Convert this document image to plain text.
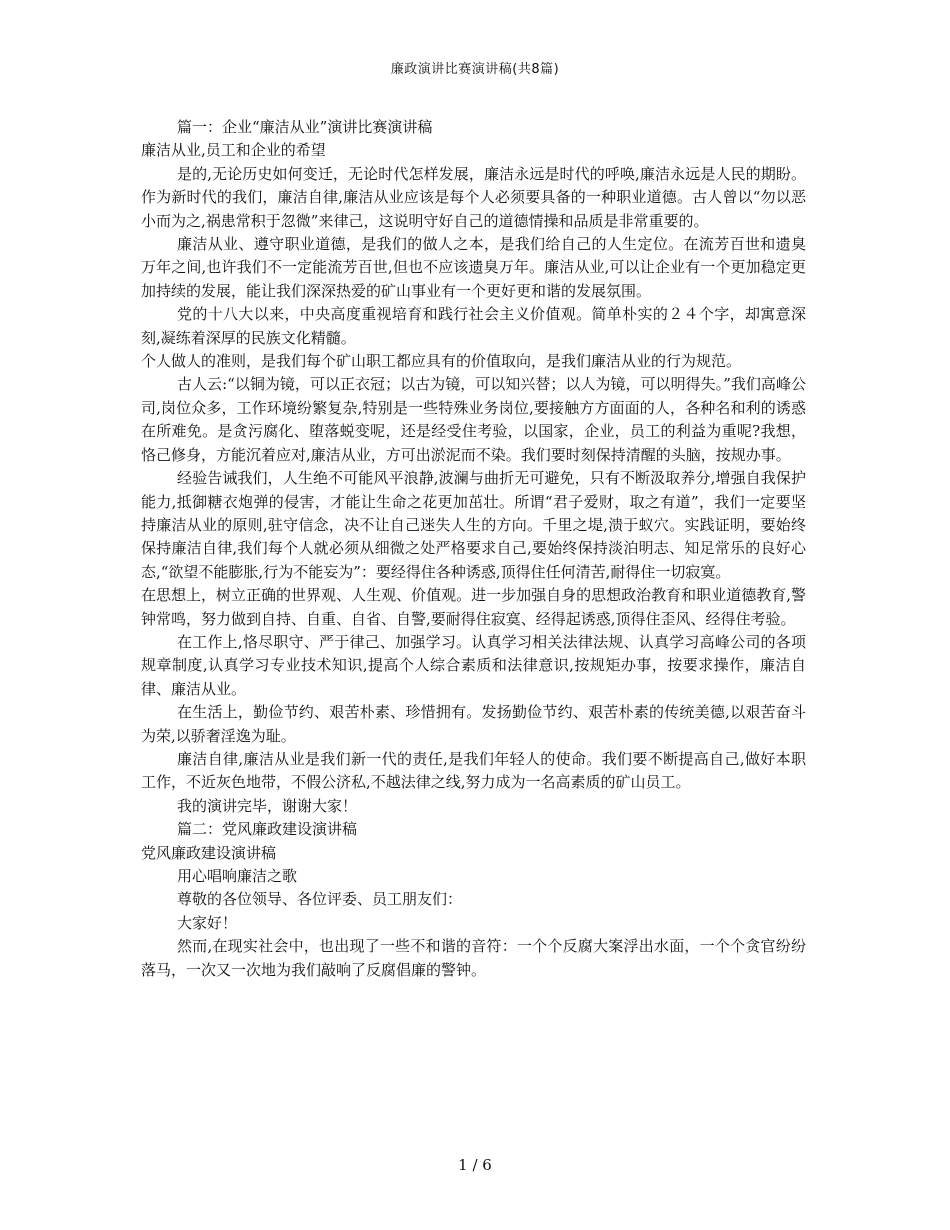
廉政演讲比赛演讲稿(共8篇)

篇一：企业“廉洁从业”演讲比赛演讲稿

廉洁从业,员工和企业的希望

是的,无论历史如何变迁，无论时代怎样发展，廉洁永远是时代的呼唤,廉洁永远是人民的期盼。作为新时代的我们，廉洁自律,廉洁从业应该是每个人必须要具备的一种职业道德。古人曾以“勿以恶小而为之,祸患常积于忽微”来律己，这说明守好自己的道德情操和品质是非常重要的。

廉洁从业、遵守职业道德，是我们的做人之本，是我们给自己的人生定位。在流芳百世和遗臭万年之间,也许我们不一定能流芳百世,但也不应该遗臭万年。廉洁从业,可以让企业有一个更加稳定更加持续的发展，能让我们深深热爱的矿山事业有一个更好更和谐的发展氛围。

党的十八大以来，中央高度重视培育和践行社会主义价值观。简单朴实的２４个字，却寓意深刻,凝练着深厚的民族文化精髓。

个人做人的准则，是我们每个矿山职工都应具有的价值取向，是我们廉洁从业的行为规范。

古人云:“以铜为镜，可以正衣冠；以古为镜，可以知兴替；以人为镜，可以明得失。”我们高峰公司,岗位众多，工作环境纷繁复杂,特别是一些特殊业务岗位,要接触方方面面的人，各种名和利的诱惑在所难免。是贪污腐化、堕落蜕变呢，还是经受住考验，以国家，企业，员工的利益为重呢?我想，恪己修身，方能沉着应对,廉洁从业，方可出淤泥而不染。我们要时刻保持清醒的头脑，按规办事。

经验告诫我们，人生绝不可能风平浪静,波澜与曲折无可避免，只有不断汲取养分,增强自我保护能力,抵御糖衣炮弹的侵害，才能让生命之花更加茁壮。所谓“君子爱财，取之有道”，我们一定要坚持廉洁从业的原则,驻守信念，决不让自己迷失人生的方向。千里之堤,溃于蚁穴。实践证明，要始终保持廉洁自律,我们每个人就必须从细微之处严格要求自己,要始终保持淡泊明志、知足常乐的良好心态,“欲望不能膨胀,行为不能妄为”：要经得住各种诱惑,顶得住任何清苦,耐得住一切寂寞。

在思想上，树立正确的世界观、人生观、价值观。进一步加强自身的思想政治教育和职业道德教育,警钟常鸣，努力做到自持、自重、自省、自警,要耐得住寂寞、经得起诱惑,顶得住歪风、经得住考验。

在工作上,恪尽职守、严于律己、加强学习。认真学习相关法律法规、认真学习高峰公司的各项规章制度,认真学习专业技术知识,提高个人综合素质和法律意识,按规矩办事，按要求操作，廉洁自律、廉洁从业。

在生活上，勤俭节约、艰苦朴素、珍惜拥有。发扬勤俭节约、艰苦朴素的传统美德,以艰苦奋斗为荣,以骄奢淫逸为耻。

廉洁自律,廉洁从业是我们新一代的责任,是我们年轻人的使命。我们要不断提高自己,做好本职工作，不近灰色地带，不假公济私,不越法律之线,努力成为一名高素质的矿山员工。

我的演讲完毕，谢谢大家！

篇二：党风廉政建设演讲稿

党风廉政建设演讲稿

用心唱响廉洁之歌

尊敬的各位领导、各位评委、员工朋友们：

大家好！

然而,在现实社会中，也出现了一些不和谐的音符：一个个反腐大案浮出水面，一个个贪官纷纷落马，一次又一次地为我们敲响了反腐倡廉的警钟。

1 / 6
